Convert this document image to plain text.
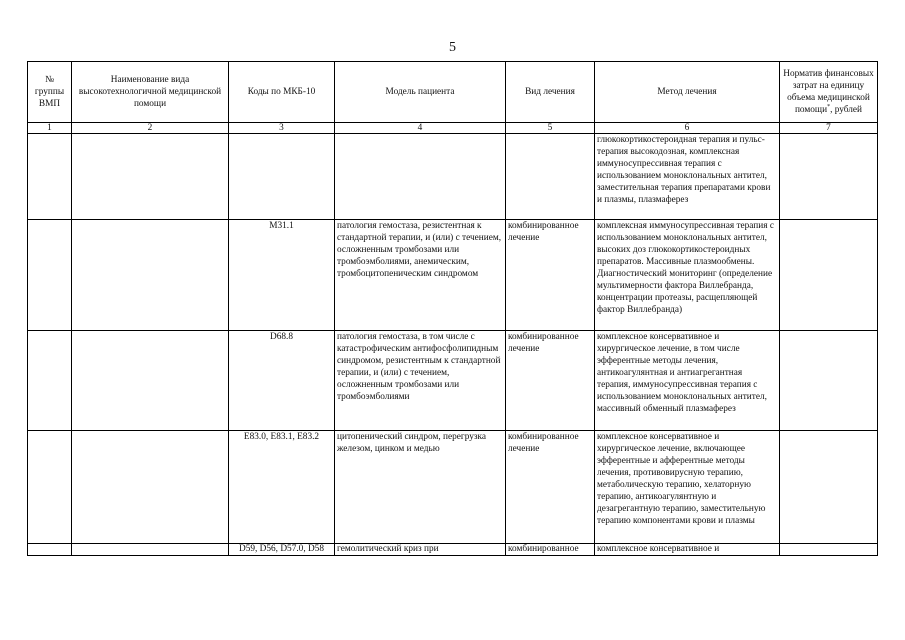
5
№ группы ВМП	Наименование вида высокотехнологичной медицинской помощи	Коды по МКБ-10	Модель пациента	Вид лечения	Метод лечения	Норматив финансовых затрат на единицу объема медицинской помощи*, рублей
1	2	3	4	5	6	7
					глюкокортикостероидная терапия и пульс-терапия высокодозная, комплексная иммуносупрессивная терапия с использованием моноклональных антител, заместительная терапия препаратами крови и плазмы, плазмаферез	
		M31.1	патология гемостаза, резистентная к стандартной терапии, и (или) с течением, осложненным тромбозами или тромбоэмболиями, анемическим, тромбоцитопеническим синдромом	комбинированное лечение	комплексная иммуносупрессивная терапия с использованием моноклональных антител, высоких доз глюкокортикостероидных препаратов. Массивные плазмообмены. Диагностический мониторинг (определение мультимерности фактора Виллебранда, концентрации протеазы, расщепляющей фактор Виллебранда)	
		D68.8	патология гемостаза, в том числе с катастрофическим антифосфолипидным синдромом, резистентным к стандартной терапии, и (или) с течением, осложненным тромбозами или тромбоэмболиями	комбинированное лечение	комплексное консервативное и хирургическое лечение, в том числе эфферентные методы лечения, антикоагулянтная и антиагрегантная терапия, иммуносупрессивная терапия с использованием моноклональных антител, массивный обменный плазмаферез	
		E83.0, E83.1, E83.2	цитопенический синдром, перегрузка железом, цинком и медью	комбинированное лечение	комплексное консервативное и хирургическое лечение, включающее эфферентные и афферентные методы лечения, противовирусную терапию, метаболическую терапию, хелаторную терапию, антикоагулянтную и дезагрегантную терапию, заместительную терапию компонентами крови и плазмы	
		D59, D56, D57.0, D58	гемолитический криз при	комбинированное	комплексное консервативное и	
